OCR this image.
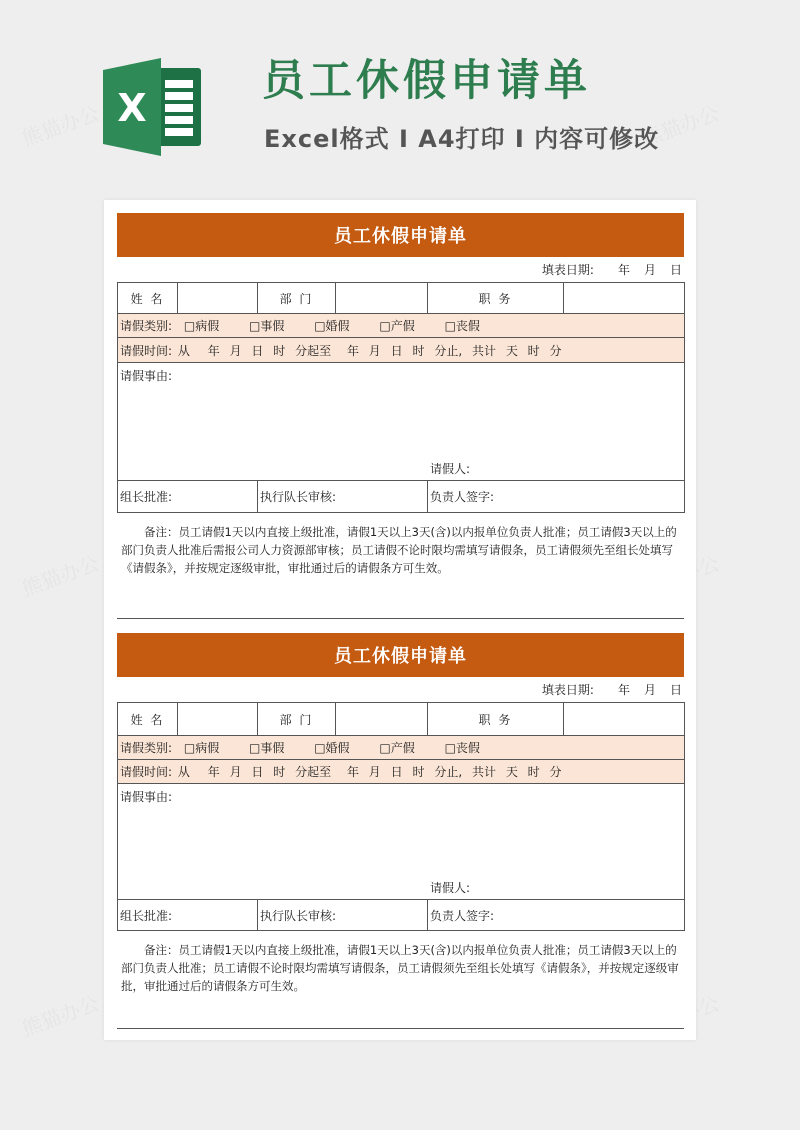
X
员工休假申请单
Excel格式 I A4打印 I 内容可修改
员工休假申请单
填表日期: 年 月 日
姓 名		部 门		职 务	
请假类别: □病假 □事假 □婚假 □产假 □丧假					
请假时间: 从 年 月 日 时 分起至 年 月 日 时 分止, 共计 天 时 分					
请假事由:
请假人:					

组长批准:		执行队长审核:		负责人签字:	
备注：员工请假1天以内直接上级批准，请假1天以上3天(含)以内报单位负责人批准；员工请假3天以上的部门负责人批准后需报公司人力资源部审核；员工请假不论时限均需填写请假条，员工请假须先至组长处填写《请假条》，并按规定逐级审批，审批通过后的请假条方可生效。
员工休假申请单
填表日期: 年 月 日
姓 名		部 门		职 务	
请假类别: □病假 □事假 □婚假 □产假 □丧假					
请假时间: 从 年 月 日 时 分起至 年 月 日 时 分止, 共计 天 时 分					
请假事由:
请假人:					

组长批准:		执行队长审核:		负责人签字:	
备注：员工请假1天以内直接上级批准，请假1天以上3天(含)以内报单位负责人批准；员工请假3天以上的部门负责人批准；员工请假不论时限均需填写请假条，员工请假须先至组长处填写《请假条》，并按规定逐级审批，审批通过后的请假条方可生效。
